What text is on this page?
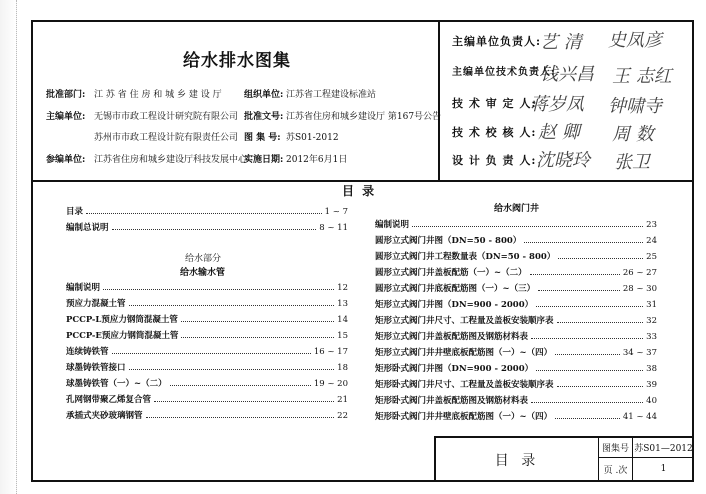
给水排水图集
批准部门: 江 苏 省 住 房 和 城 乡 建 设 厅 组织单位: 江苏省工程建设标准站
主编单位: 无锡市市政工程设计研究院有限公司 批准文号: 江苏省住房和城乡建设厅 第167号公告
苏州市市政工程设计院有限责任公司 图 集 号: 苏S01-2012
参编单位: 江苏省住房和城乡建设厅科技发展中心
实施日期: 2012年6月1日
主编单位负责人:
艺 清 史凤彦
主编单位技术负责人:
钱兴昌 王 志红
技 术 审 定 人:
蒋岁凤 钟啸寺
技 术 校 核 人: 赵 卿 周 数
设 计 负 责 人: 沈晓玲 张卫
目 录
目录	1 ~ 7
编制总说明	8 ~ 11
给水部分
给水输水管
编制说明	12
预应力混凝土管	13
PCCP-L预应力钢筒混凝土管	14
PCCP-E预应力钢筒混凝土管	15
连续铸铁管	16 ~ 17
球墨铸铁管接口	18
球墨铸铁管（一）~（二）	19 ~ 20
孔网钢带聚乙烯复合管	21
承插式夹砂玻璃钢管	22
给水阀门井
编制说明	23
圆形立式阀门井图（DN=50 - 800）	24
圆形立式阀门井工程数量表（DN=50 - 800）	25
圆形立式阀门井盖板配筋（一）~（二）	26 ~ 27
圆形立式阀门井底板配筋图（一）~（三）	28 ~ 30
矩形立式阀门井图（DN=900 - 2000）	31
矩形立式阀门井尺寸、工程量及盖板安装顺序表	32
矩形立式阀门井盖板配筋图及钢筋材料表	33
矩形立式阀门井井壁底板配筋图（一）~（四）	34 ~ 37
矩形卧式阀门井图（DN=900 - 2000）	38
矩形卧式阀门井尺寸、工程量及盖板安装顺序表	39
矩形卧式阀门井盖板配筋图及钢筋材料表	40
矩形卧式阀门井井壁底板配筋图（一）~（四）	41 ~ 44
目 录
图集号 苏S01—2012
页 .次	1
